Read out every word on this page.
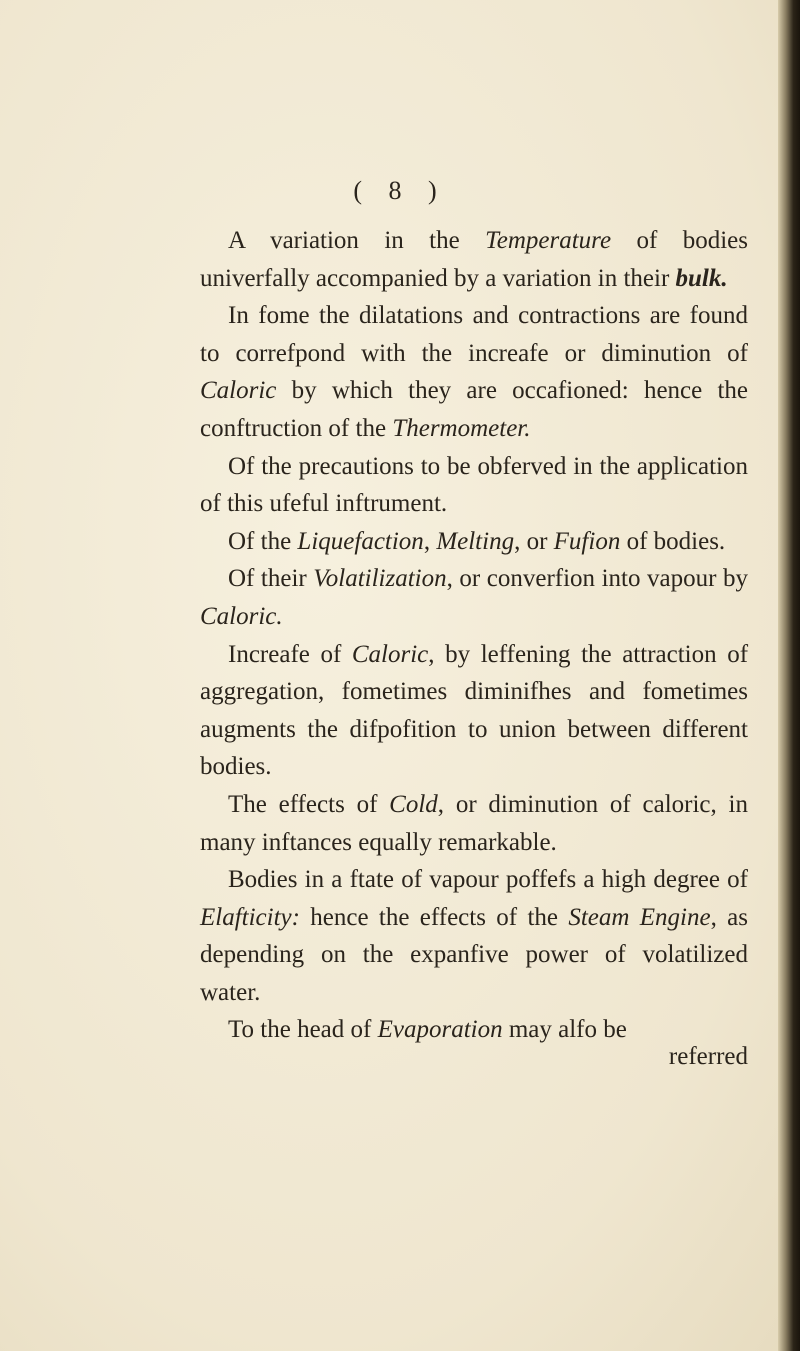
( 8 )

A variation in the Temperature of bodies univerfally accompanied by a variation in their bulk.

In fome the dilatations and contractions are found to correfpond with the increafe or diminution of Caloric by which they are occafioned: hence the conftruction of the Thermometer.

Of the precautions to be obferved in the application of this ufeful inftrument.

Of the Liquefaction, Melting, or Fufion of bodies.

Of their Volatilization, or converfion into vapour by Caloric.

Increafe of Caloric, by leffening the attraction of aggregation, fometimes diminifhes and fometimes augments the difpofition to union between different bodies.

The effects of Cold, or diminution of caloric, in many inftances equally remarkable.

Bodies in a ftate of vapour poffefs a high degree of Elafticity: hence the effects of the Steam Engine, as depending on the expanfive power of volatilized water.

To the head of Evaporation may alfo be

referred
